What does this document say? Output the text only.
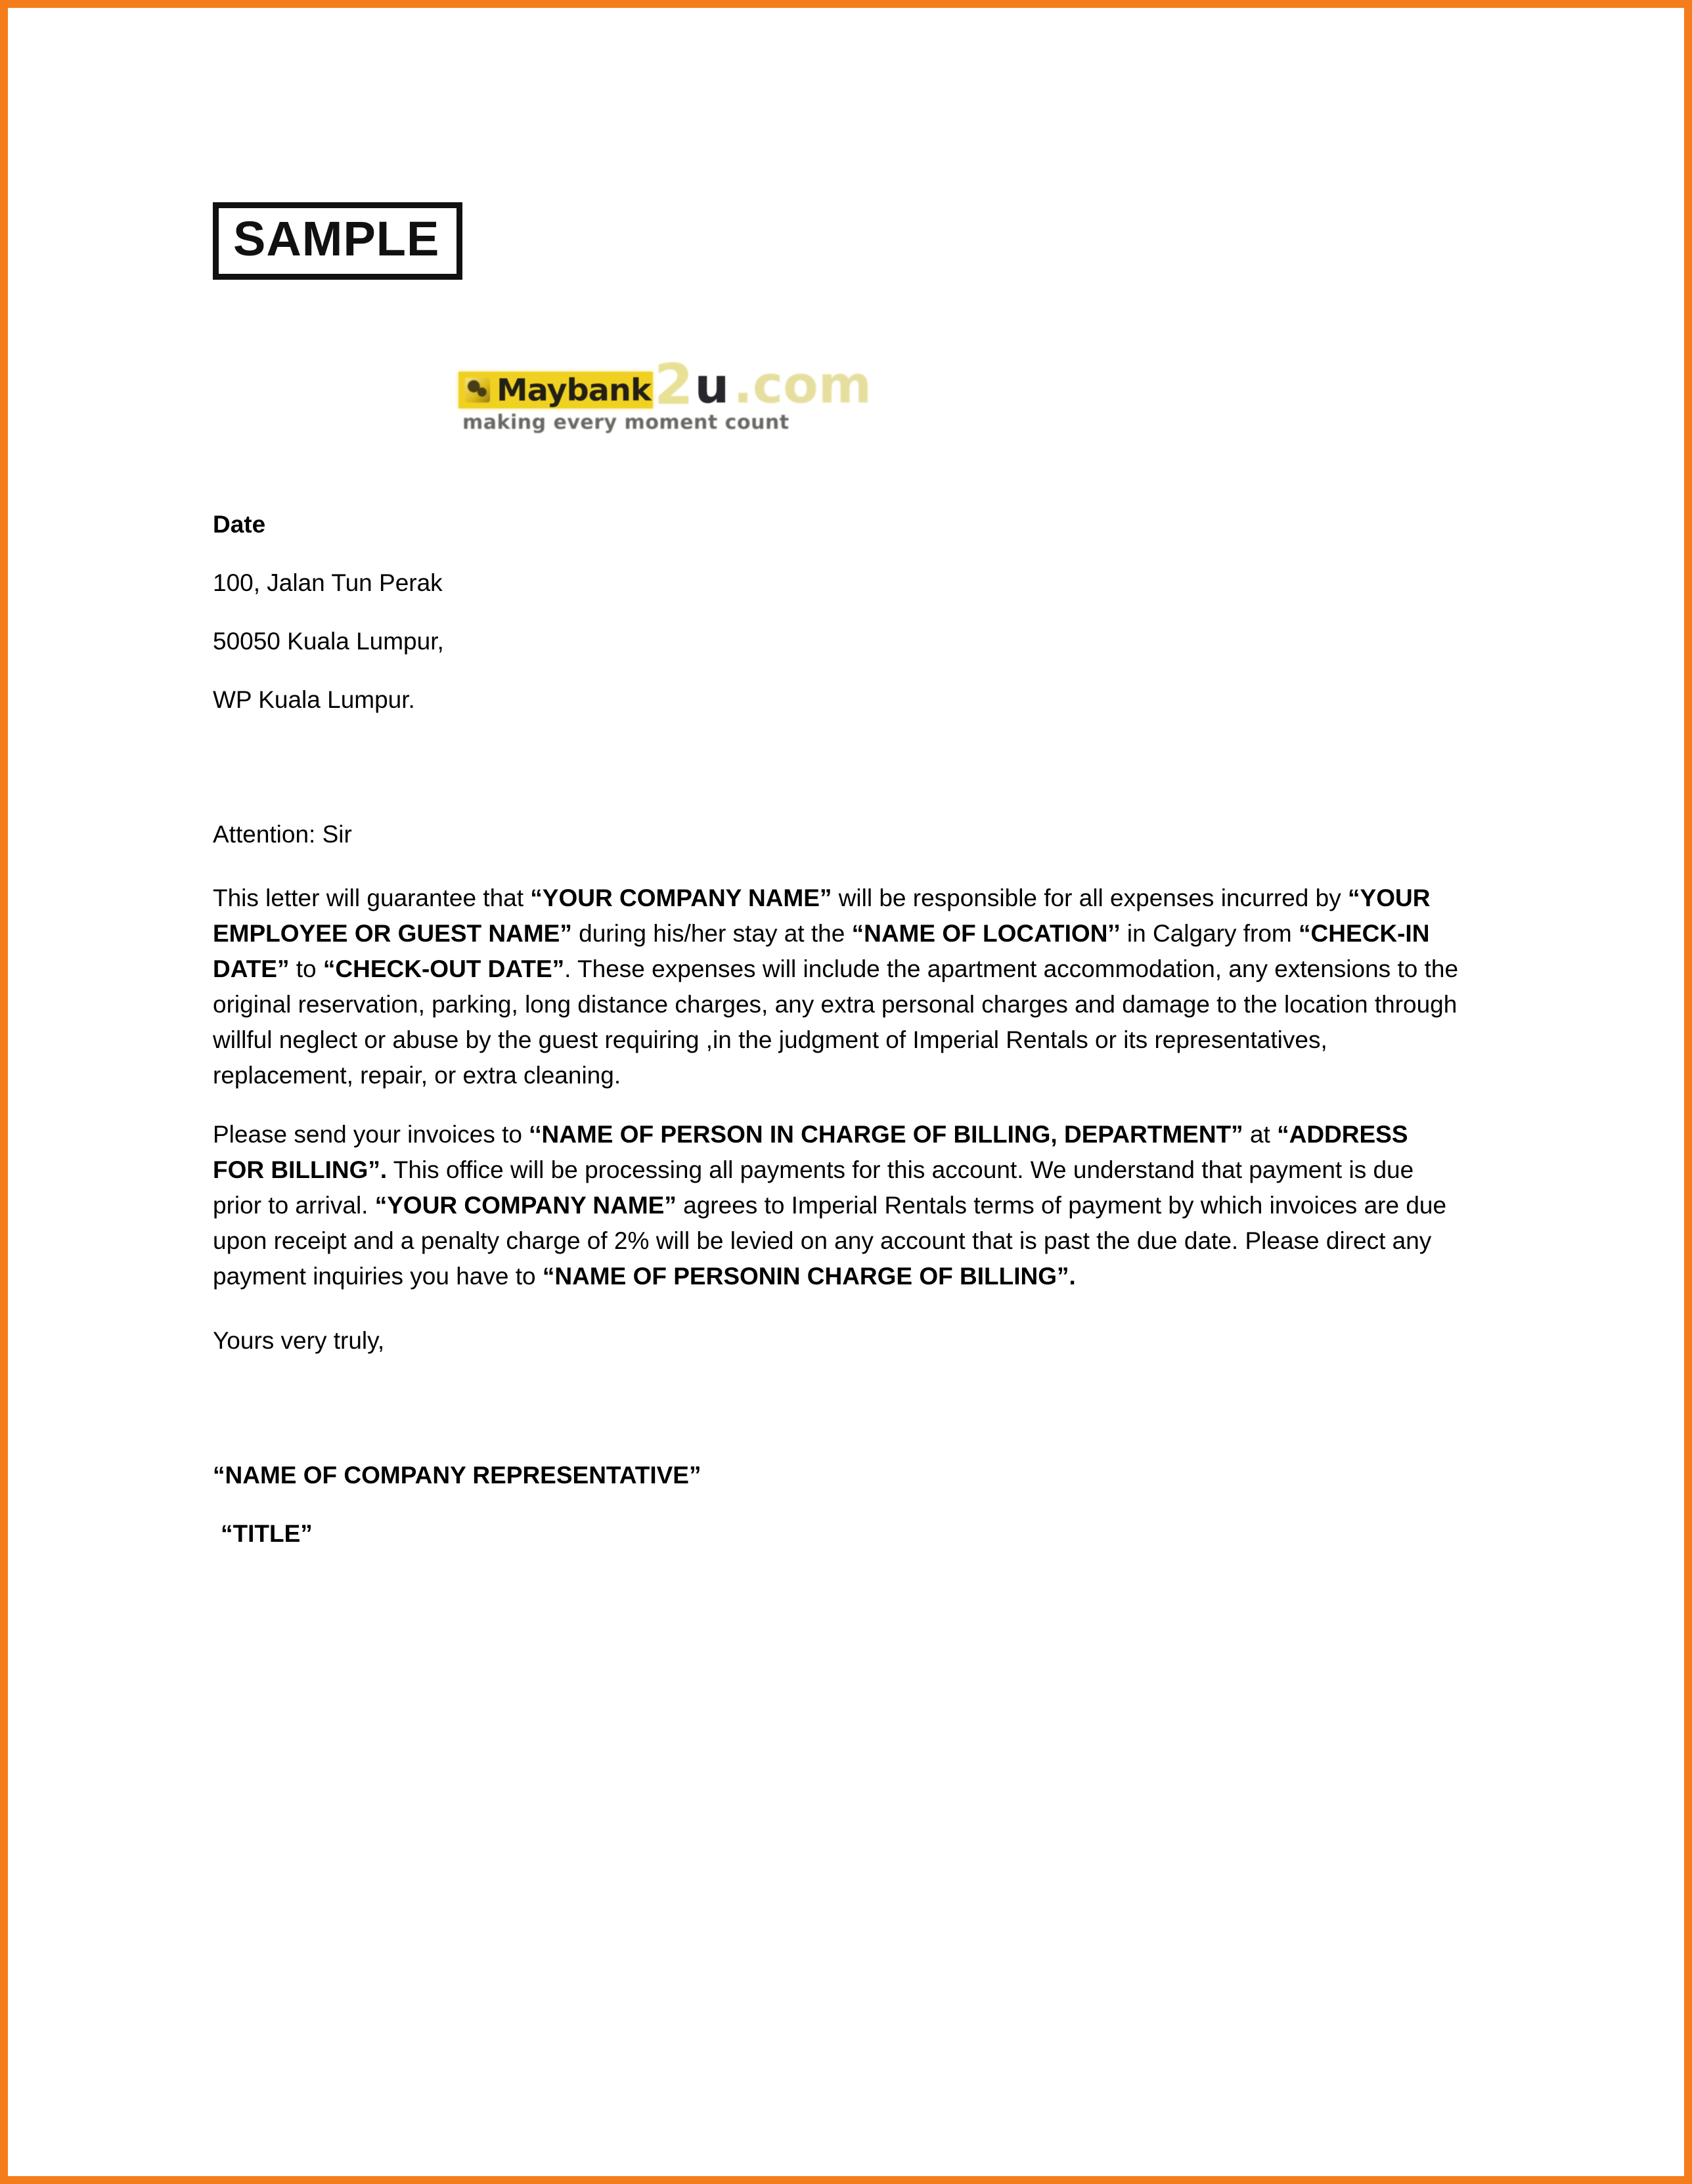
SAMPLE
Maybank 2 u .com
making every moment count

Date

100, Jalan Tun Perak

50050 Kuala Lumpur,

WP Kuala Lumpur.

Attention: Sir

This letter will guarantee that “YOUR COMPANY NAME” will be responsible for all expenses incurred by “YOUR EMPLOYEE OR GUEST NAME” during his/her stay at the “NAME OF LOCATION’’ in Calgary from “CHECK-IN DATE” to “CHECK-OUT DATE”. These expenses will include the apartment accommodation, any extensions to the original reservation, parking, long distance charges, any extra personal charges and damage to the location through willful neglect or abuse by the guest requiring ,in the judgment of Imperial Rentals or its representatives, replacement, repair, or extra cleaning.

Please send your invoices to ‘‘NAME OF PERSON IN CHARGE OF BILLING, DEPARTMENT” at “ADDRESS FOR BILLING”. This office will be processing all payments for this account. We understand that payment is due prior to arrival. “YOUR COMPANY NAME” agrees to Imperial Rentals terms of payment by which invoices are due upon receipt and a penalty charge of 2% will be levied on any account that is past the due date. Please direct any payment inquiries you have to “NAME OF PERSONIN CHARGE OF BILLING”.

Yours very truly,

“NAME OF COMPANY REPRESENTATIVE”

“TITLE”
